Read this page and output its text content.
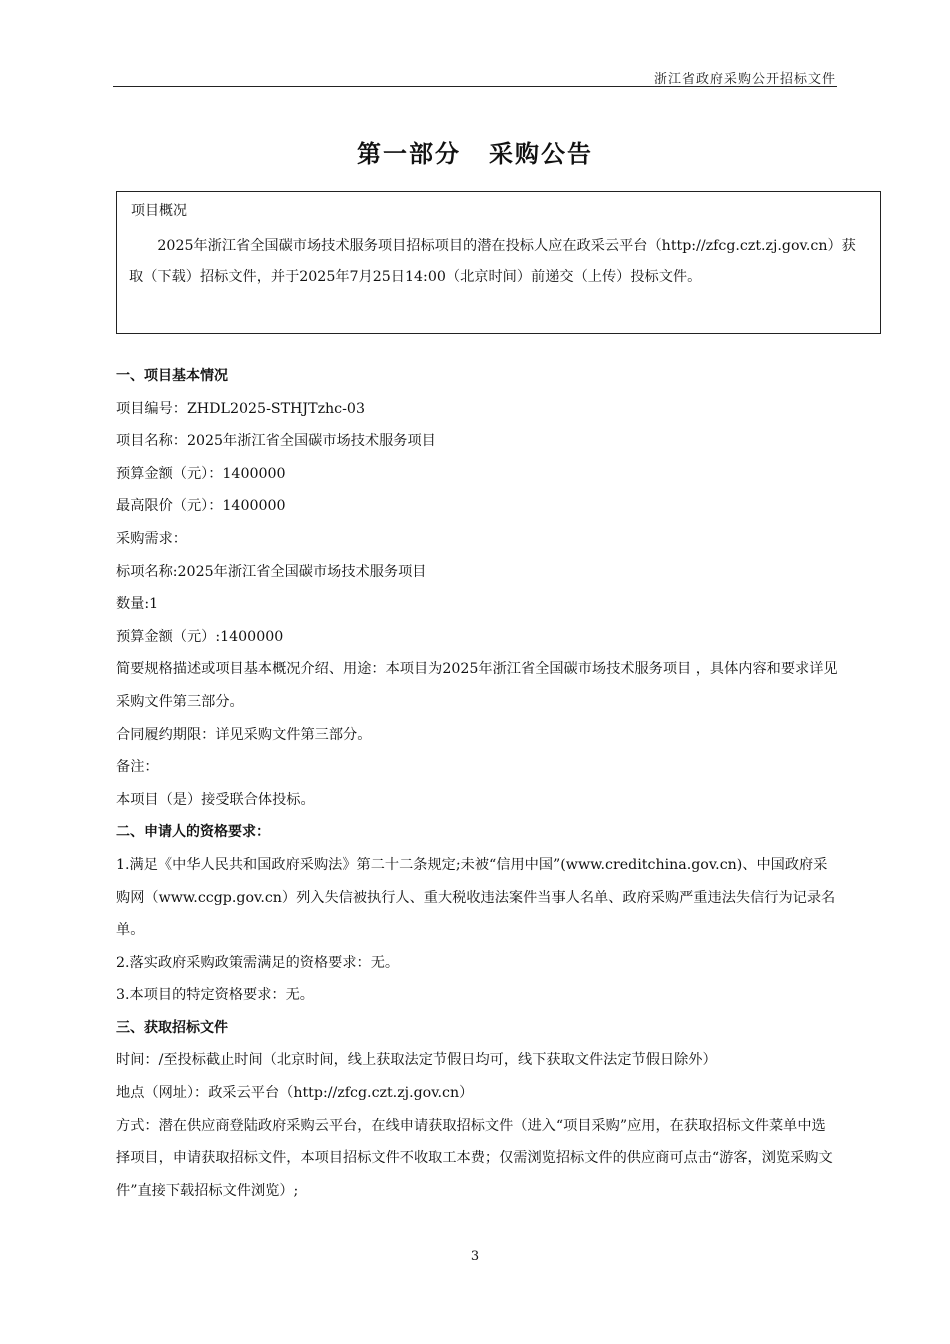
浙江省政府采购公开招标文件
第一部分 采购公告
项目概况
2025年浙江省全国碳市场技术服务项目招标项目的潜在投标人应在政采云平台（http://zfcg.czt.zj.gov.cn）获取（下载）招标文件，并于2025年7月25日14:00（北京时间）前递交（上传）投标文件。

一、项目基本情况

项目编号：ZHDL2025-STHJTzhc-03

项目名称：2025年浙江省全国碳市场技术服务项目

预算金额（元）：1400000

最高限价（元）：1400000

采购需求：

标项名称:2025年浙江省全国碳市场技术服务项目

数量:1

预算金额（元）:1400000

简要规格描述或项目基本概况介绍、用途：本项目为2025年浙江省全国碳市场技术服务项目 ，具体内容和要求详见采购文件第三部分。

合同履约期限：详见采购文件第三部分。

备注：

本项目（是）接受联合体投标。

二、申请人的资格要求：

1.满足《中华人民共和国政府采购法》第二十二条规定;未被“信用中国”(www.creditchina.gov.cn)、中国政府采购网（www.ccgp.gov.cn）列入失信被执行人、重大税收违法案件当事人名单、政府采购严重违法失信行为记录名单。

2.落实政府采购政策需满足的资格要求：无。

3.本项目的特定资格要求：无。

三、获取招标文件

时间：/至投标截止时间（北京时间，线上获取法定节假日均可，线下获取文件法定节假日除外）

地点（网址）：政采云平台（http://zfcg.czt.zj.gov.cn）

方式：潜在供应商登陆政府采购云平台，在线申请获取招标文件（进入“项目采购”应用，在获取招标文件菜单中选择项目，申请获取招标文件，本项目招标文件不收取工本费；仅需浏览招标文件的供应商可点击“游客，浏览采购文件”直接下载招标文件浏览）;

3
